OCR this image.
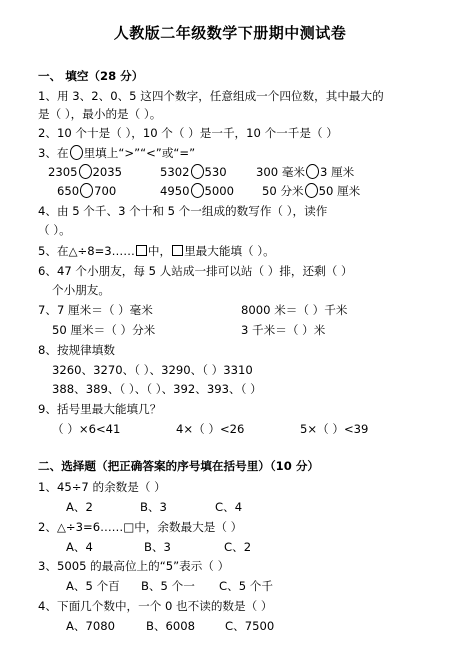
人教版二年级数学下册期中测试卷
一、 填空（28 分）
1、用 3、2、0、5 这四个数字，任意组成一个四位数，其中最大的
是（ ），最小的是（ ）。
2、10 个十是（ ），10 个（ ）是一千，10 个一千是（ ）
3、在 里填上“>”“<”或“=”
2305 2035	5302 530	300 毫米 3 厘米
650 700	4950 5000 50 分米 50 厘米
4、由 5 个千、3 个十和 5 个一组成的数写作（ ），读作
（ ）。
5、在△÷8=3…… 中， 里最大能填（ ）。
6、47 个小朋友，每 5 人站成一排可以站（ ）排，还剩（ ）
个小朋友。
7、7 厘米＝（ ）毫米	8000 米＝（ ）千米
50 厘米＝（ ）分米	3 千米＝（ ）米
8、按规律填数
3260、3270、（ ）、3290、（ ）3310
388、389、（ ）、（ ）、392、393、（ ）
9、括号里最大能填几？
（ ）×6<41	4×（ ）<26	5×（ ）<39
二、选择题（把正确答案的序号填在括号里）（10 分）
1、45÷7 的余数是（ ）
A、2	B、3	C、4
2、△÷3=6……□中，余数最大是（ ）
A、4	B、3	C、2
3、5005 的最高位上的“5”表示（ ）
A、5 个百 B、5 个一 C、5 个千
4、下面几个数中，一个 0 也不读的数是（ ）
A、7080	B、6008	C、7500
